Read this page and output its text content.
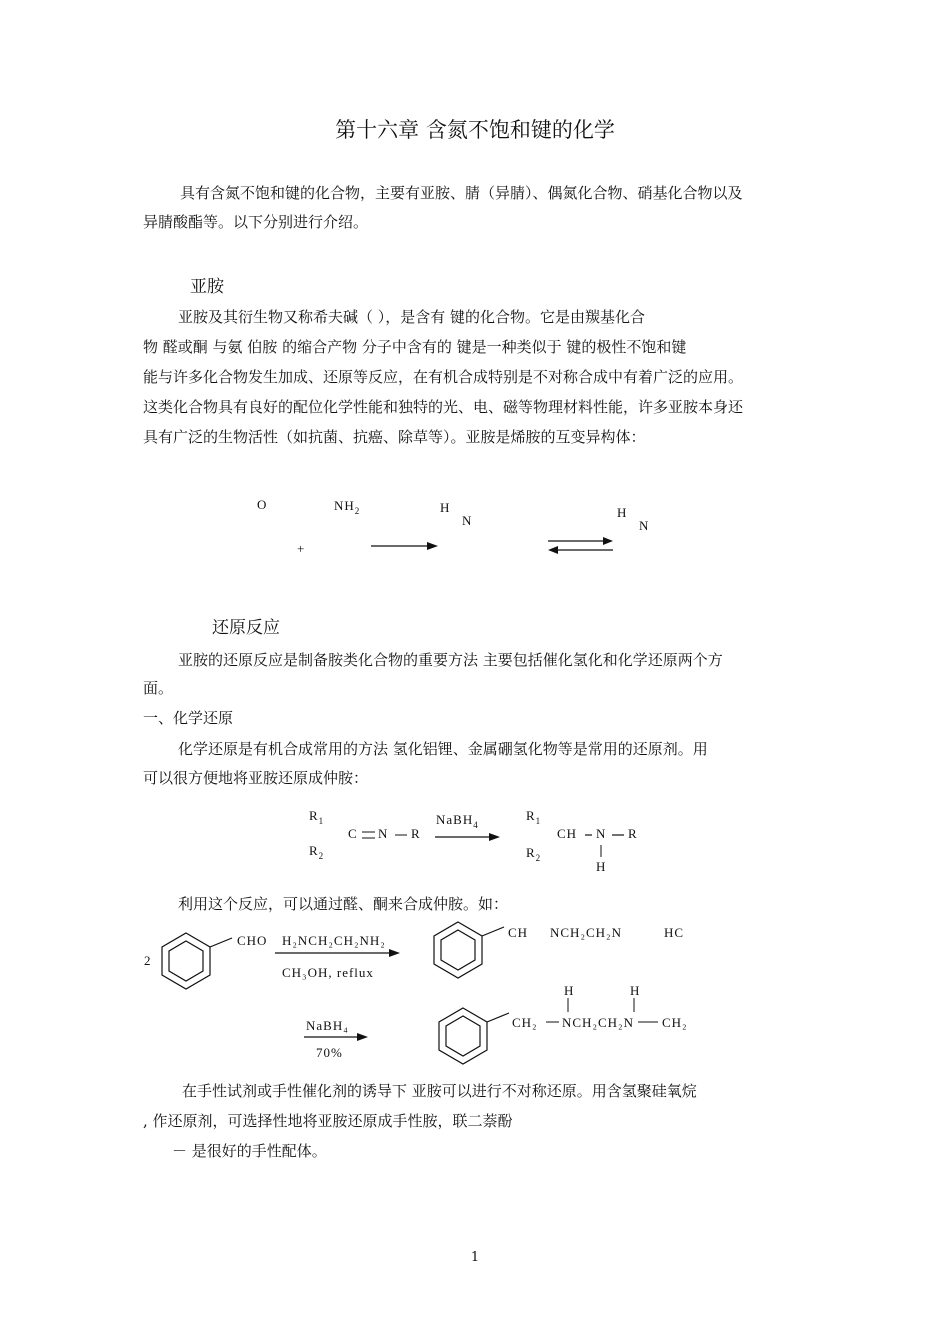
第十六章 含氮不饱和键的化学
具有含氮不饱和键的化合物，主要有亚胺、腈（异腈）、偶氮化合物、硝基化合物以及
异腈酸酯等。以下分别进行介绍。
亚胺
亚胺及其衍生物又称希夫碱（ ），是含有 键的化合物。它是由羰基化合
物 醛或酮 与氨 伯胺 的缩合产物 分子中含有的 键是一种类似于 键的极性不饱和键
能与许多化合物发生加成、还原等反应，在有机合成特别是不对称合成中有着广泛的应用。
这类化合物具有良好的配位化学性能和独特的光、电、磁等物理材料性能，许多亚胺本身还
具有广泛的生物活性（如抗菌、抗癌、除草等）。亚胺是烯胺的互变异构体：
O	$NH_2$
+
H
N
H
N
还原反应
亚胺的还原反应是制备胺类化合物的重要方法 主要包括催化氢化和化学还原两个方
面。
一、化学还原
化学还原是有机合成常用的方法 氢化铝锂、金属硼氢化物等是常用的还原剂。用
可以很方便地将亚胺还原成仲胺：
$R_1$
$R_2$
C N R
NaBH$_4$
$R_1$
$R_2$
CH N R
H
利用这个反应，可以通过醛、酮来合成仲胺。如：
2
CHO H₂NCH₂CH₂NH₂
CH₃OH, reflux
CH NCH₂CH₂N	HC
NaBH₄
70%
H	H
CH₂ NCH₂CH₂N CH₂
在手性试剂或手性催化剂的诱导下 亚胺可以进行不对称还原。用含氢聚硅氧烷
, 作还原剂，可选择性地将亚胺还原成手性胺，联二萘酚
－ 是很好的手性配体。
1
